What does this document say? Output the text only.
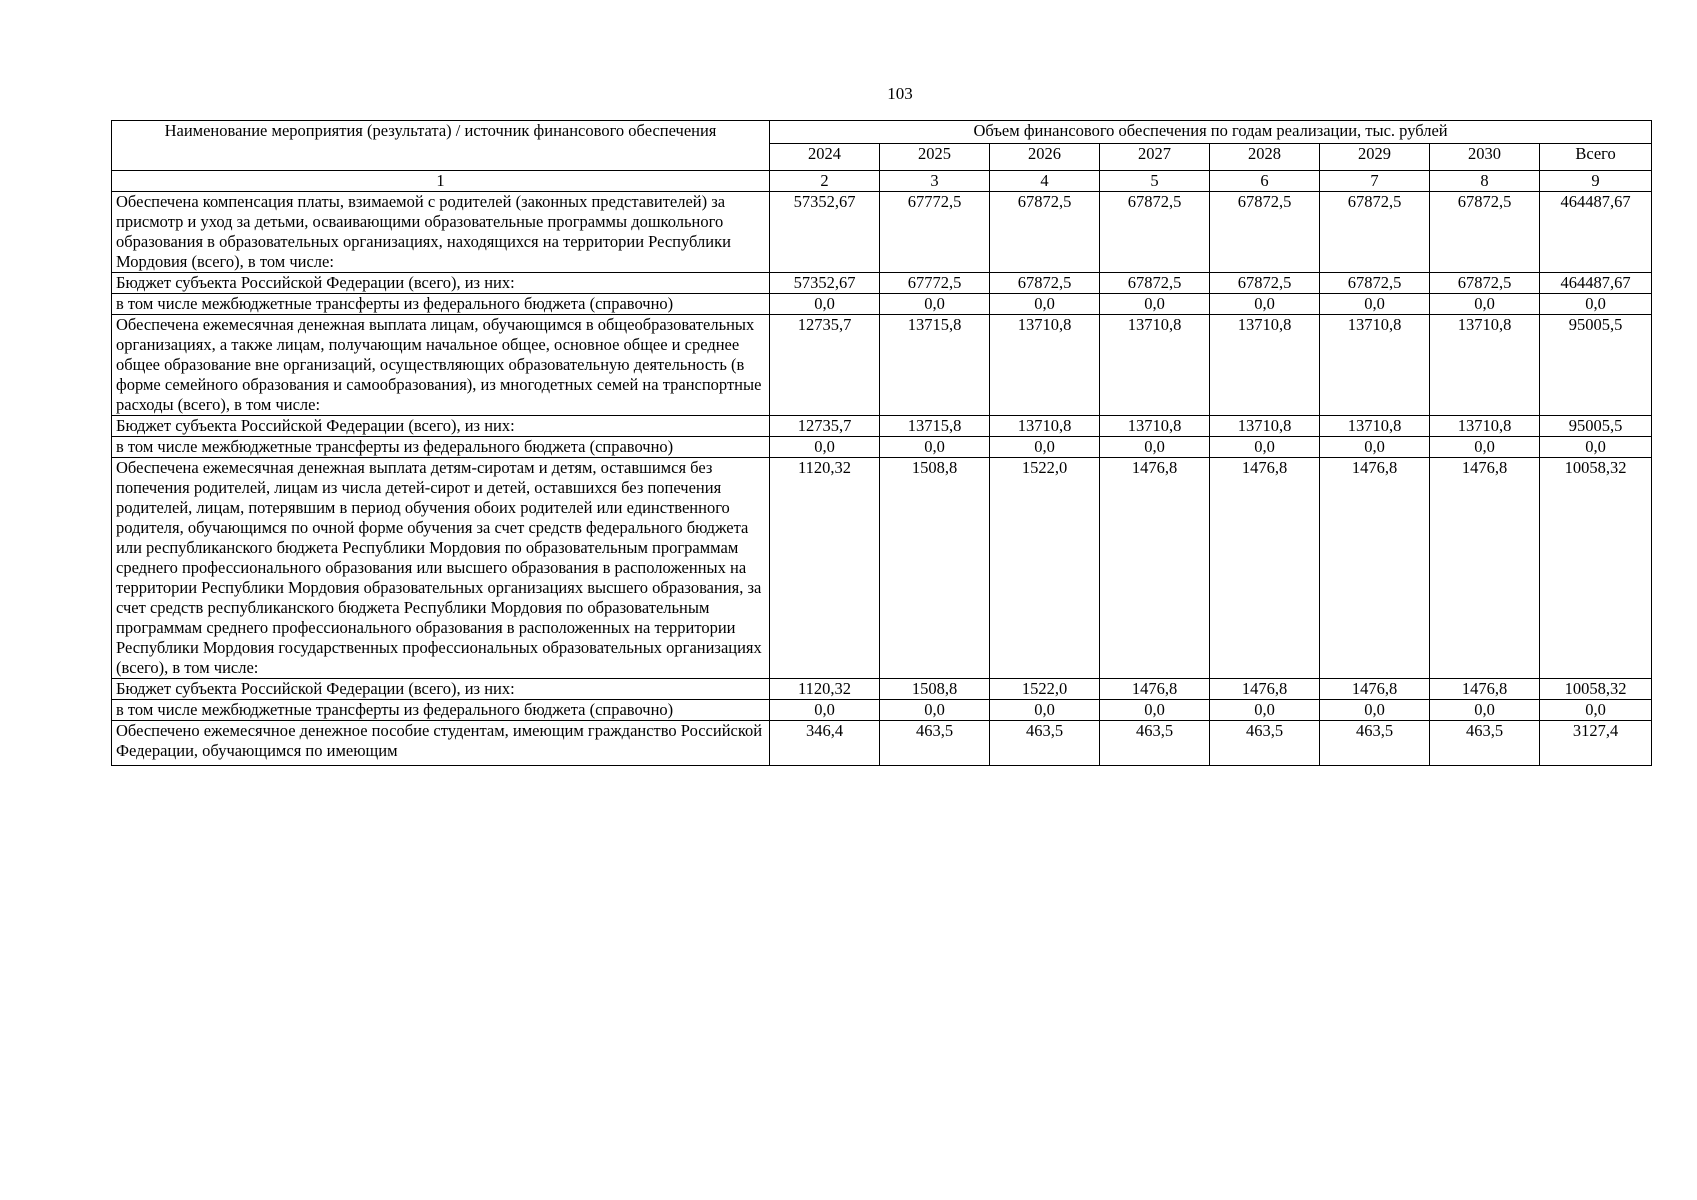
103
Наименование мероприятия (результата) / источник финансового обеспечения	Объем финансового обеспечения по годам реализации, тыс. рублей							
	2024	2025	2026	2027	2028	2029	2030	Всего
1	2	3	4	5	6	7	8	9

Обеспечена компенсация платы, взимаемой с родителей (законных представителей) за присмотр и уход за детьми, осваивающими образовательные программы дошкольного образования в образовательных организациях, находящихся на территории Республики Мордовия (всего), в том числе:	57352,67	67772,5	67872,5	67872,5	67872,5	67872,5	67872,5	464487,67

Бюджет субъекта Российской Федерации (всего), из них:	57352,67	67772,5	67872,5	67872,5	67872,5	67872,5	67872,5	464487,67

в том числе межбюджетные трансферты из федерального бюджета (справочно)	0,0	0,0	0,0	0,0	0,0	0,0	0,0	0,0

Обеспечена ежемесячная денежная выплата лицам, обучающимся в общеобразовательных организациях, а также лицам, получающим начальное общее, основное общее и среднее общее образование вне организаций, осуществляющих образовательную деятельность (в форме семейного образования и самообразования), из многодетных семей на транспортные расходы (всего), в том числе:	12735,7	13715,8	13710,8	13710,8	13710,8	13710,8	13710,8	95005,5

Бюджет субъекта Российской Федерации (всего), из них:	12735,7	13715,8	13710,8	13710,8	13710,8	13710,8	13710,8	95005,5

в том числе межбюджетные трансферты из федерального бюджета (справочно)	0,0	0,0	0,0	0,0	0,0	0,0	0,0	0,0

Обеспечена ежемесячная денежная выплата детям-сиротам и детям, оставшимся без попечения родителей, лицам из числа детей-сирот и детей, оставшихся без попечения родителей, лицам, потерявшим в период обучения обоих родителей или единственного родителя, обучающимся по очной форме обучения за счет средств федерального бюджета или республиканского бюджета Республики Мордовия по образовательным программам среднего профессионального образования или высшего образования в расположенных на территории Республики Мордовия образовательных организациях высшего образования, за счет средств республиканского бюджета Республики Мордовия по образовательным программам среднего профессионального образования в расположенных на территории Республики Мордовия государственных профессиональных образовательных организациях (всего), в том числе:	1120,32	1508,8	1522,0	1476,8	1476,8	1476,8	1476,8	10058,32

Бюджет субъекта Российской Федерации (всего), из них:	1120,32	1508,8	1522,0	1476,8	1476,8	1476,8	1476,8	10058,32

в том числе межбюджетные трансферты из федерального бюджета (справочно)	0,0	0,0	0,0	0,0	0,0	0,0	0,0	0,0

Обеспечено ежемесячное денежное пособие студентам, имеющим гражданство Российской Федерации, обучающимся по имеющим	346,4	463,5	463,5	463,5	463,5	463,5	463,5	3127,4
